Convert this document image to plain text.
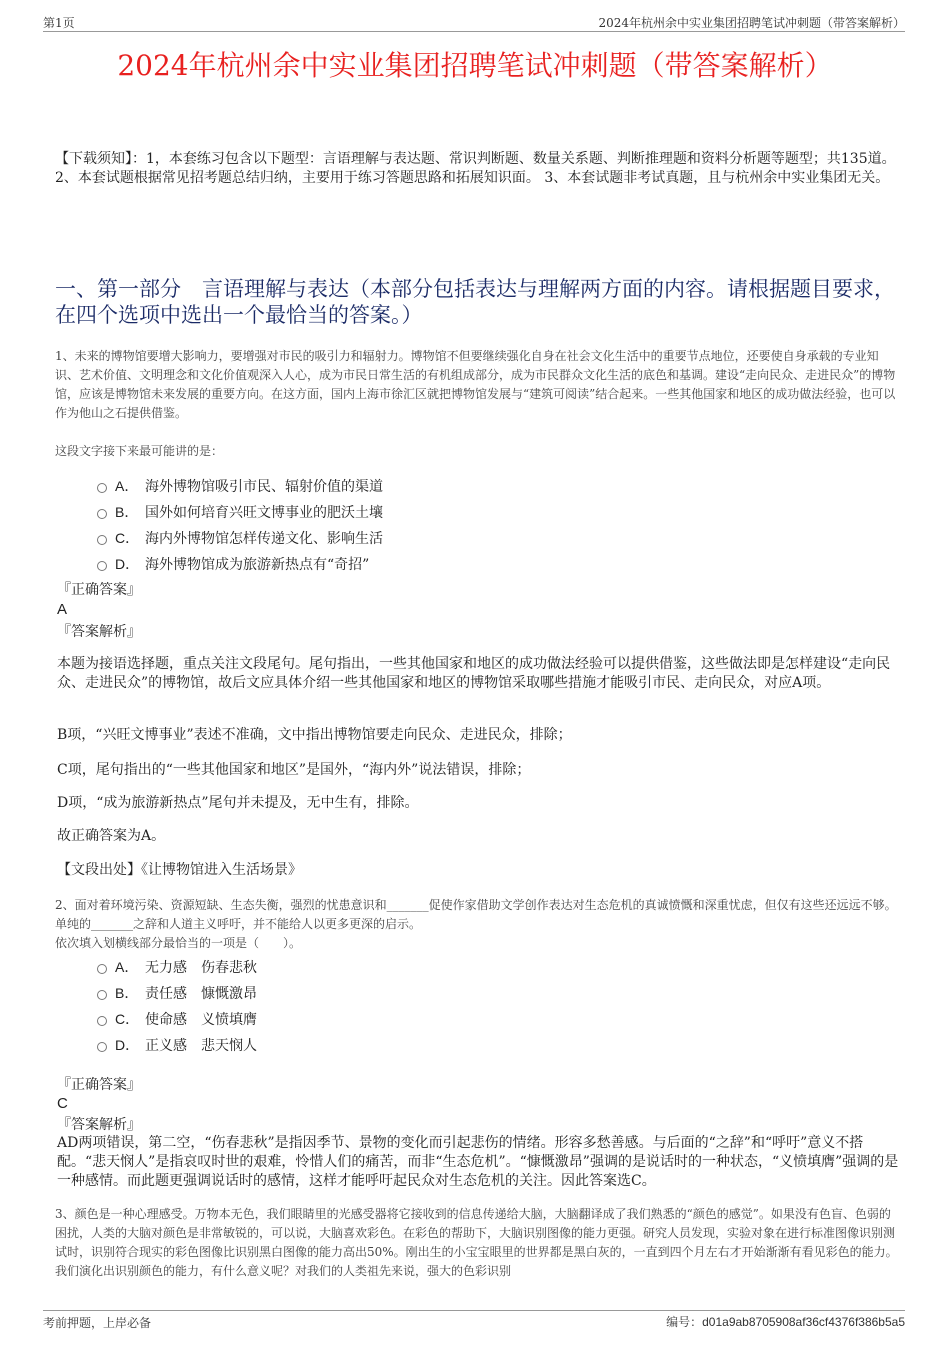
第1页	2024年杭州余中实业集团招聘笔试冲刺题（带答案解析）
2024年杭州余中实业集团招聘笔试冲刺题（带答案解析）
【下载须知】：1，本套练习包含以下题型：言语理解与表达题、常识判断题、数量关系题、判断推理题和资料分析题等题型；共135道。 2、本套试题根据常见招考题总结归纳，主要用于练习答题思路和拓展知识面。 3、本套试题非考试真题，且与杭州余中实业集团无关。
一、第一部分　言语理解与表达（本部分包括表达与理解两方面的内容。请根据题目要求，在四个选项中选出一个最恰当的答案。）
1、未来的博物馆要增大影响力，要增强对市民的吸引力和辐射力。博物馆不但要继续强化自身在社会文化生活中的重要节点地位，还要使自身承载的专业知识、艺术价值、文明理念和文化价值观深入人心，成为市民日常生活的有机组成部分，成为市民群众文化生活的底色和基调。建设“走向民众、走进民众”的博物馆，应该是博物馆未来发展的重要方向。在这方面，国内上海市徐汇区就把博物馆发展与“建筑可阅读”结合起来。一些其他国家和地区的成功做法经验，也可以作为他山之石提供借鉴。
这段文字接下来最可能讲的是：
A． 海外博物馆吸引市民、辐射价值的渠道
B． 国外如何培育兴旺文博事业的肥沃土壤
C． 海内外博物馆怎样传递文化、影响生活
D． 海外博物馆成为旅游新热点有“奇招”
『正确答案』
A
『答案解析』
本题为接语选择题，重点关注文段尾句。尾句指出，一些其他国家和地区的成功做法经验可以提供借鉴，这些做法即是怎样建设“走向民众、走进民众”的博物馆，故后文应具体介绍一些其他国家和地区的博物馆采取哪些措施才能吸引市民、走向民众，对应A项。
B项，“兴旺文博事业”表述不准确，文中指出博物馆要走向民众、走进民众，排除；
C项，尾句指出的“一些其他国家和地区”是国外，“海内外”说法错误，排除；
D项，“成为旅游新热点”尾句并未提及，无中生有，排除。
故正确答案为A。
【文段出处】《让博物馆进入生活场景》
2、面对着环境污染、资源短缺、生态失衡，强烈的忧患意识和_______促使作家借助文学创作表达对生态危机的真诚愤慨和深重忧虑，但仅有这些还远远不够。单纯的_______之辞和人道主义呼吁，并不能给人以更多更深的启示。
依次填入划横线部分最恰当的一项是（　　）。
A． 无力感　伤春悲秋
B． 责任感　慷慨激昂
C． 使命感　义愤填膺
D． 正义感　悲天悯人
『正确答案』
C
『答案解析』
AD两项错误，第二空，“伤春悲秋”是指因季节、景物的变化而引起悲伤的情绪。形容多愁善感。与后面的“之辞”和“呼吁”意义不搭配。“悲天悯人”是指哀叹时世的艰难，怜惜人们的痛苦，而非“生态危机”。“慷慨激昂”强调的是说话时的一种状态，“义愤填膺”强调的是一种感情。而此题更强调说话时的感情，这样才能呼吁起民众对生态危机的关注。因此答案选C。
3、颜色是一种心理感受。万物本无色，我们眼睛里的光感受器将它接收到的信息传递给大脑，大脑翻译成了我们熟悉的“颜色的感觉”。如果没有色盲、色弱的困扰，人类的大脑对颜色是非常敏锐的，可以说，大脑喜欢彩色。在彩色的帮助下，大脑识别图像的能力更强。研究人员发现，实验对象在进行标准图像识别测试时，识别符合现实的彩色图像比识别黑白图像的能力高出50%。刚出生的小宝宝眼里的世界都是黑白灰的，一直到四个月左右才开始渐渐有看见彩色的能力。我们演化出识别颜色的能力，有什么意义呢？对我们的人类祖先来说，强大的色彩识别
考前押题，上岸必备	编号：d01a9ab8705908af36cf4376f386b5a5
